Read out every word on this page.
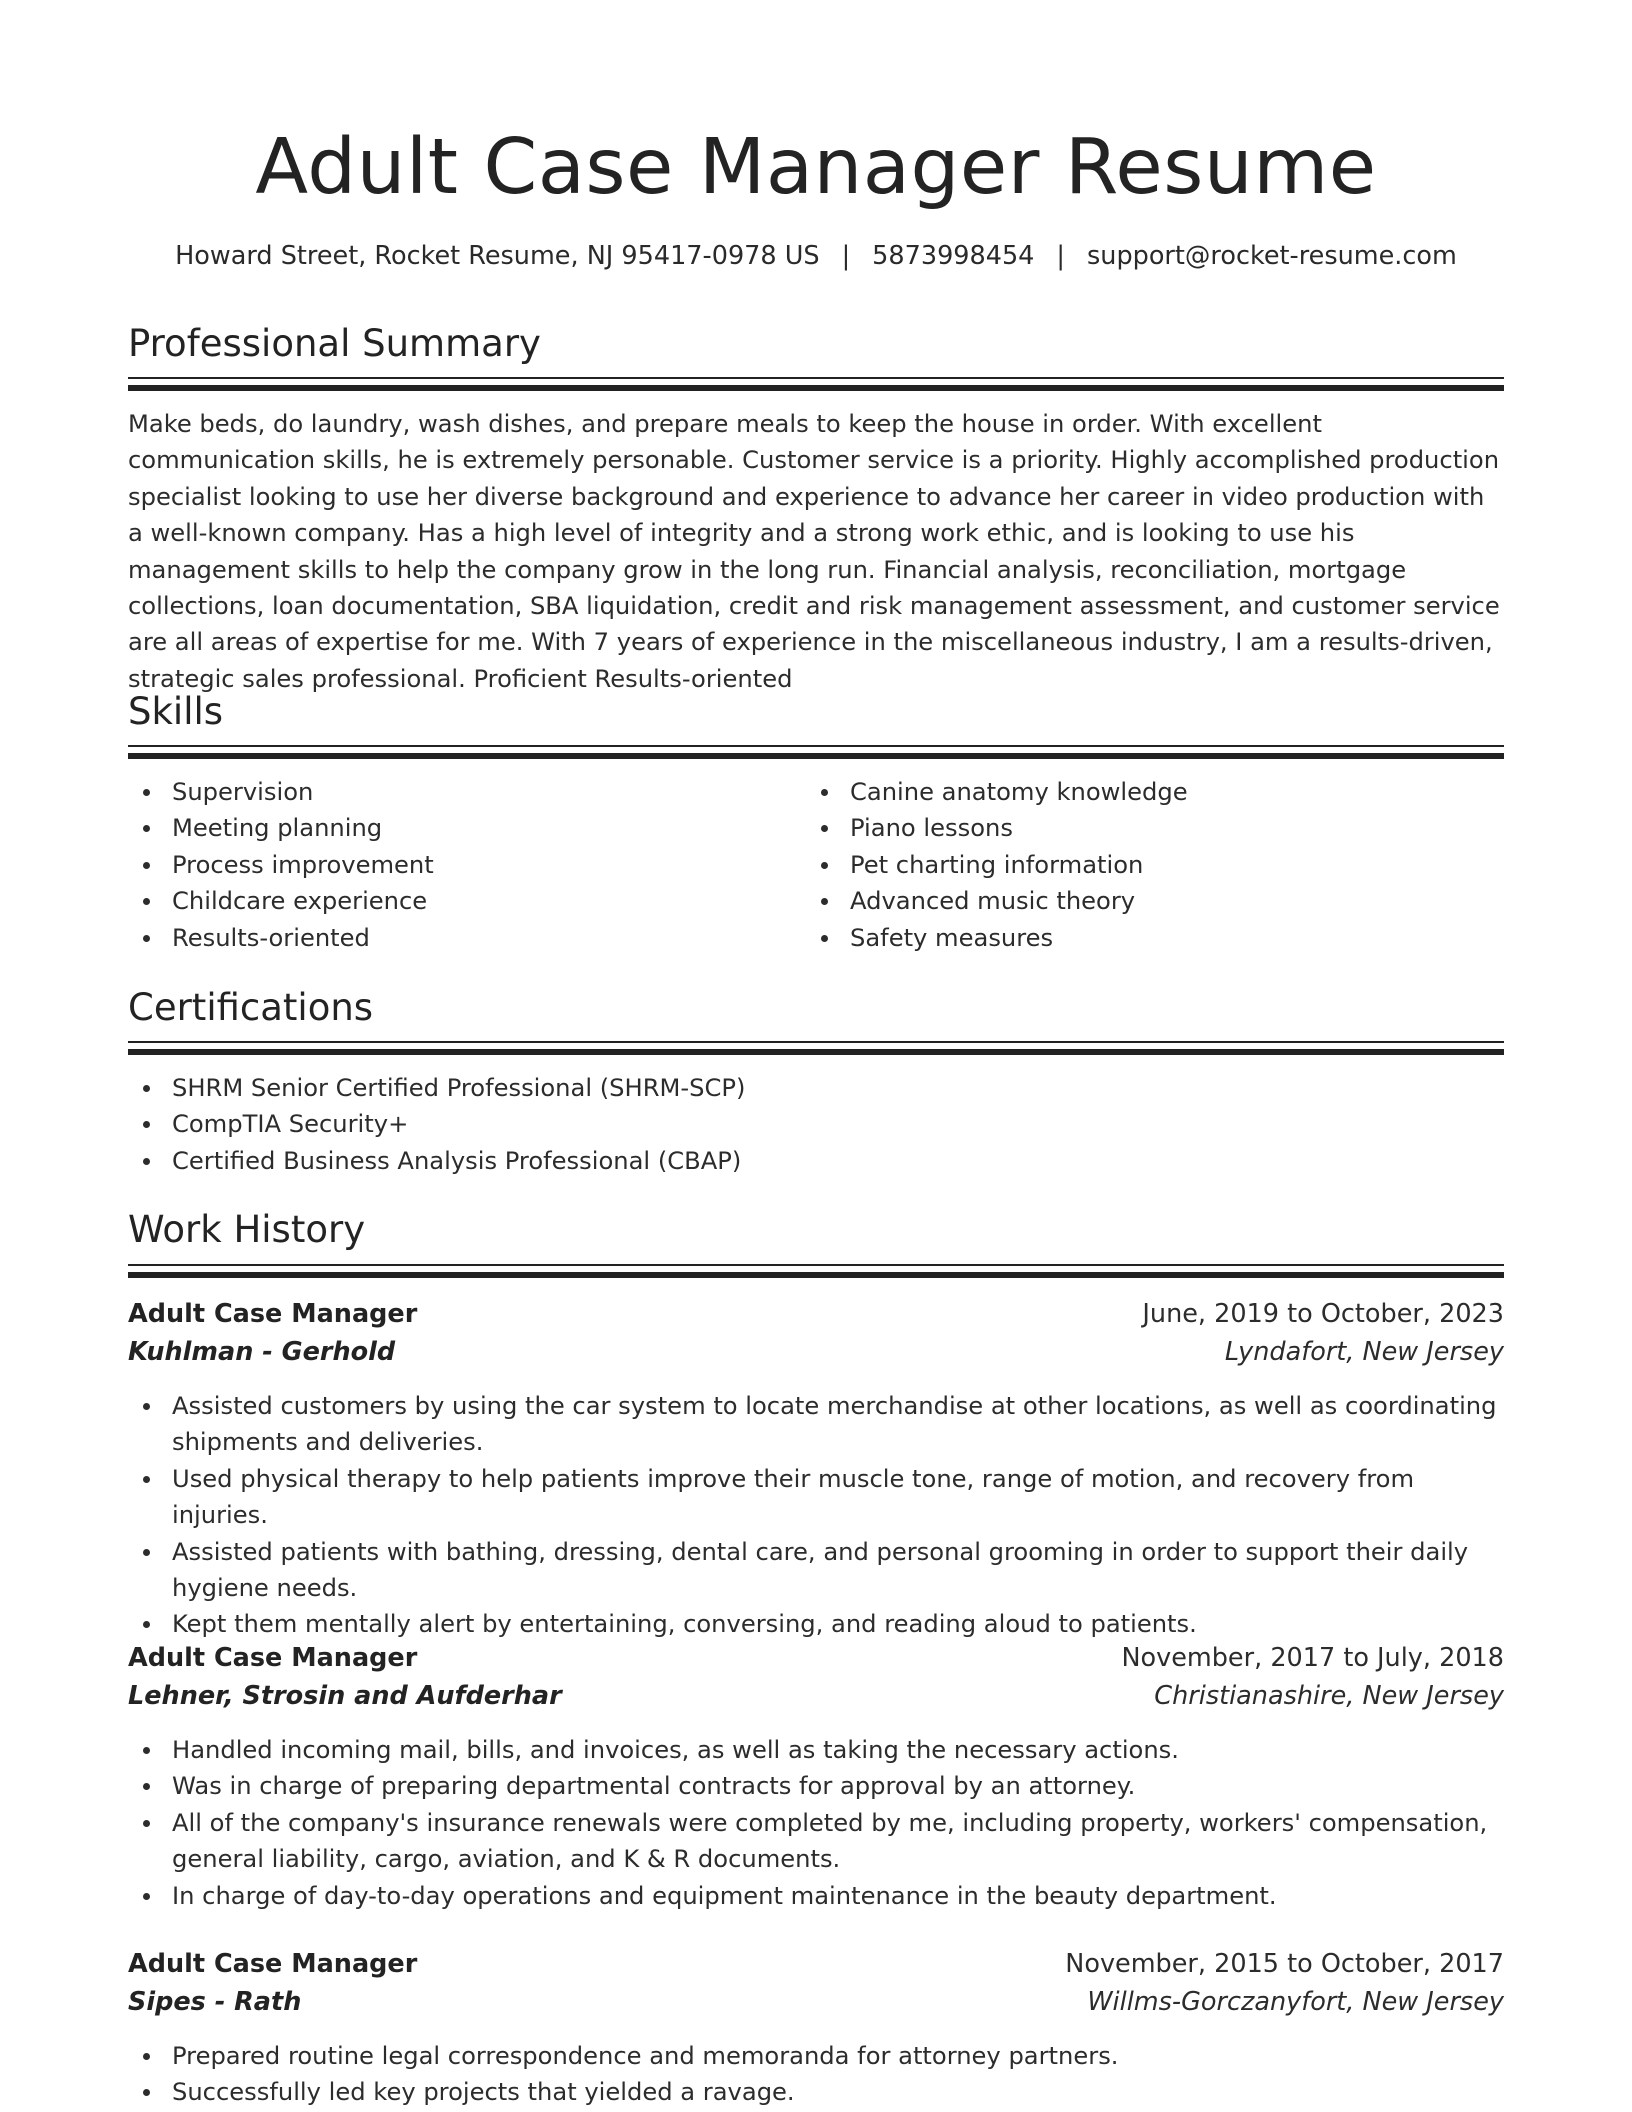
Adult Case Manager Resume
Howard Street, Rocket Resume, NJ 95417-0978 US | 5873998454 | support@rocket-resume.com
Professional Summary

Make beds, do laundry, wash dishes, and prepare meals to keep the house in order. With excellent communication skills, he is extremely personable. Customer service is a priority. Highly accomplished production specialist looking to use her diverse background and experience to advance her career in video production with a well-known company. Has a high level of integrity and a strong work ethic, and is looking to use his management skills to help the company grow in the long run. Financial analysis, reconciliation, mortgage collections, loan documentation, SBA liquidation, credit and risk management assessment, and customer service are all areas of expertise for me. With 7 years of experience in the miscellaneous industry, I am a results-driven, strategic sales professional. Proficient Results-oriented

Skills
Supervision
Meeting planning
Process improvement
Childcare experience
Results-oriented
Canine anatomy knowledge
Piano lessons
Pet charting information
Advanced music theory
Safety measures
Certifications
SHRM Senior Certified Professional (SHRM-SCP)
CompTIA Security+
Certified Business Analysis Professional (CBAP)
Work History
Adult Case Manager	June, 2019 to October, 2023
Kuhlman - Gerhold	Lyndafort, New Jersey
Assisted customers by using the car system to locate merchandise at other locations, as well as coordinating shipments and deliveries.
Used physical therapy to help patients improve their muscle tone, range of motion, and recovery from injuries.
Assisted patients with bathing, dressing, dental care, and personal grooming in order to support their daily hygiene needs.
Kept them mentally alert by entertaining, conversing, and reading aloud to patients.
Adult Case Manager	November, 2017 to July, 2018
Lehner, Strosin and Aufderhar	Christianashire, New Jersey
Handled incoming mail, bills, and invoices, as well as taking the necessary actions.
Was in charge of preparing departmental contracts for approval by an attorney.
All of the company's insurance renewals were completed by me, including property, workers' compensation, general liability, cargo, aviation, and K & R documents.
In charge of day-to-day operations and equipment maintenance in the beauty department.
Adult Case Manager	November, 2015 to October, 2017
Sipes - Rath	Willms-Gorczanyfort, New Jersey
Prepared routine legal correspondence and memoranda for attorney partners.
Successfully led key projects that yielded a ravage.
